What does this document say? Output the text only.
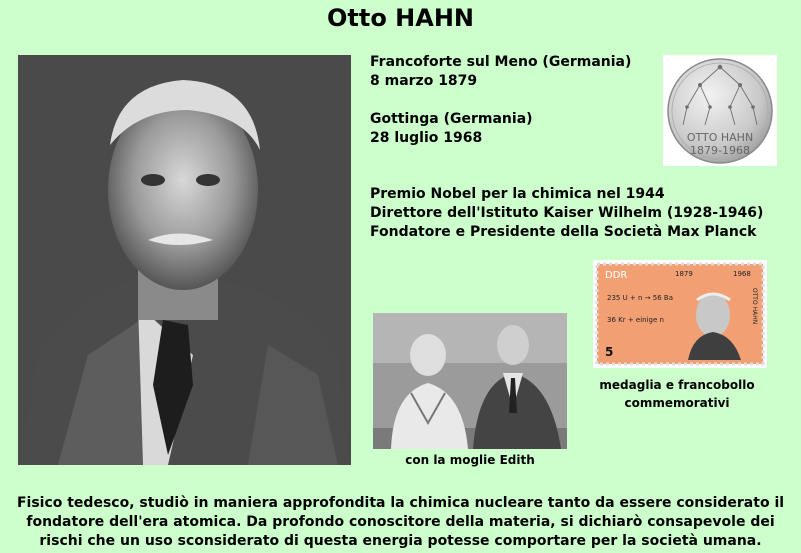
Otto HAHN
Francoforte sul Meno (Germania)
8 marzo 1879
Gottinga (Germania)
28 luglio 1968
Premio Nobel per la chimica nel 1944
Direttore dell'Istituto Kaiser Wilhelm (1928-1946)
Fondatore e Presidente della Società Max Planck
OTTO HAHN
1879-1968
DDR	1879	1968
235 U + n → 56 Ba
36 Kr + einige n	OTTO HAHN
5
medaglia e francobollo commemorativi
con la moglie Edith
Fisico tedesco, studiò in maniera approfondita la chimica nucleare tanto da essere considerato il
fondatore dell'era atomica. Da profondo conoscitore della materia, si dichiarò consapevole dei
rischi che un uso sconsiderato di questa energia potesse comportare per la società umana.
